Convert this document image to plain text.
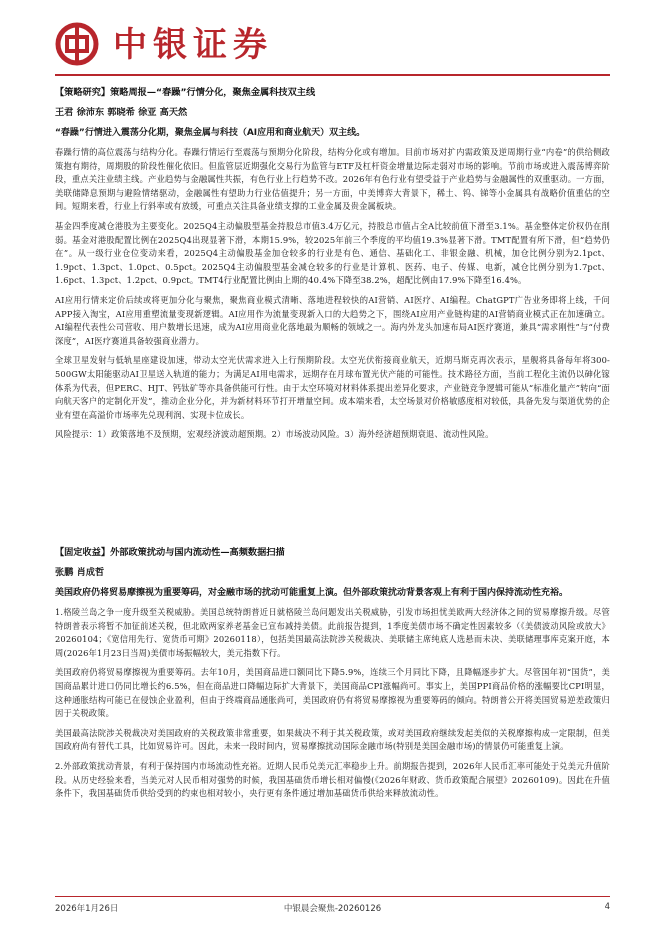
中银证券
【策略研究】策略周报—“春躁”行情分化，聚焦金属科技双主线
王君 徐沛东 郭晓希 徐亚 高天然
“春躁”行情进入震荡分化期，聚焦金属与科技（AI应用和商业航天）双主线。

春躁行情的高位震荡与结构分化。春躁行情运行至震荡与预期分化阶段，结构分化或有增加。目前市场对扩内需政策及逆周期行业“内卷”的供给侧政策抱有期待，周期股的阶段性催化依旧。但监管层近期强化交易行为监管与ETF及杠杆资金增量边际走弱对市场的影响。节前市场或进入震荡博弈阶段，重点关注业绩主线。产业趋势与金融属性共振，有色行业上行趋势不改。2026年有色行业有望受益于产业趋势与金融属性的双重驱动。一方面，美联储降息预期与避险情绪驱动，金融属性有望助力行业估值提升；另一方面，中美博弈大背景下，稀土、钨、锑等小金属具有战略价值重估的空间。短期来看，行业上行斜率或有放缓，可重点关注具备业绩支撑的工业金属及贵金属板块。

基金四季度减仓港股为主要变化。2025Q4主动偏股型基金持股总市值3.4万亿元，持股总市值占全A比较前值下滑至3.1%。基金整体定价权仍在削弱。基金对港股配置比例在2025Q4出现显著下滑，本期15.9%，较2025年前三个季度的平均值19.3%显著下滑。TMT配置有所下滑，但“趋势仍在”。从一级行业仓位变动来看，2025Q4主动偏股基金加仓较多的行业是有色、通信、基础化工、非银金融、机械，加仓比例分别为2.1pct、1.9pct、1.3pct、1.0pct、0.5pct。2025Q4主动偏股型基金减仓较多的行业是计算机、医药、电子、传媒、电新，减仓比例分别为1.7pct、1.6pct、1.3pct、1.2pct、0.9pct。TMT4行业配置比例由上期的40.4%下降至38.2%，超配比例由17.9%下降至16.4%。

AI应用行情来定价后续或将更加分化与聚焦，聚焦商业模式清晰、落地进程较快的AI营销、AI医疗、AI编程。ChatGPT广告业务即将上线，千问APP接入淘宝，AI应用重塑流量变现新逻辑。AI应用作为流量变现新入口的大趋势之下，围绕AI应用产业链构建的AI营销商业模式正在加速确立。AI编程代表性公司营收、用户数增长迅速，成为AI应用商业化落地最为顺畅的领域之一。海内外龙头加速布局AI医疗赛道，兼具“需求刚性”与“付费深度”，AI医疗赛道具备较强商业潜力。

全球卫星发射与低轨星座建设加速，带动太空光伏需求进入上行预期阶段。太空光伏衔接商业航天，近期马斯克再次表示，星舰将具备每年将300-500GW太阳能驱动AI卫星送入轨道的能力；为满足AI用电需求，远期存在月球布置光伏产能的可能性。技术路径方面，当前工程化主流仍以砷化镓体系为代表，但PERC、HJT、钙钛矿等亦具备供能可行性。由于太空环境对材料体系提出差异化要求，产业链竞争逻辑可能从“标准化量产”转向“面向航天客户的定制化开发”，推动企业分化，并为新材料环节打开增量空间。成本端来看，太空场景对价格敏感度相对较低，具备先发与渠道优势的企业有望在高溢价市场率先兑现利润、实现卡位成长。

风险提示：1）政策落地不及预期，宏观经济波动超预期。2）市场波动风险。3）海外经济超预期衰退、流动性风险。

【固定收益】外部政策扰动与国内流动性—高频数据扫描
张鹏 肖成哲
美国政府仍将贸易摩擦视为重要筹码，对金融市场的扰动可能重复上演。但外部政策扰动背景客观上有利于国内保持流动性充裕。

1.格陵兰岛之争一度升级至关税威胁。美国总统特朗普近日就格陵兰岛问题发出关税威胁，引发市场担忧美欧两大经济体之间的贸易摩擦升级。尽管特朗普表示将暂不加征前述关税，但北欧两家养老基金已宣布减持美债。此前报告提到，1季度美债市场不确定性因素较多（《美债波动风险或放大》20260104；《宽信用先行、宽货币可期》20260118），包括美国最高法院涉关税裁决、美联储主席纯底人选悬而未决、美联储理事库克案开庭，本周(2026年1月23日当周)美债市场振幅较大，美元指数下行。

美国政府仍将贸易摩擦视为重要筹码。去年10月，美国商品进口额同比下降5.9%，连续三个月同比下降，且降幅逐步扩大。尽管国年初“国货”，美国商品累计进口仍同比增长约6.5%，但在商品进口降幅边际扩大背景下，美国商品CPI涨幅尚可。事实上，美国PPI商品价格的涨幅要比CPI明显，这种通胀结构可能已在侵蚀企业盈利，但由于终端商品通胀尚可，美国政府仍有将贸易摩擦视为重要筹码的倾向。特朗普公开将美国贸易逆差政策归因于关税政策。

美国最高法院涉关税裁决对美国政府的关税政策非常重要，如果裁决不利于其关税政策，或对美国政府继续发起美似的关税摩擦构成一定限制，但美国政府尚有替代工具，比如贸易许可。因此，未来一段时间内，贸易摩擦扰动国际金融市场(特别是美国金融市场)的情景仍可能重复上演。

2.外部政策扰动背景，有利于保持国内市场流动性充裕。近期人民币兑美元汇率稳步上升。前期报告提到，2026年人民币汇率可能处于兑美元升值阶段。从历史经验来看，当美元对人民币相对强势的时候，我国基础货币增长相对偏慢(《2026年财政、货币政策配合展望》20260109)。因此在升值条件下，我国基础货币供给受到的约束也相对较小，央行更有条件通过增加基础货币供给来释放流动性。

2026年1月26日	中银晨会聚焦-20260126	4
